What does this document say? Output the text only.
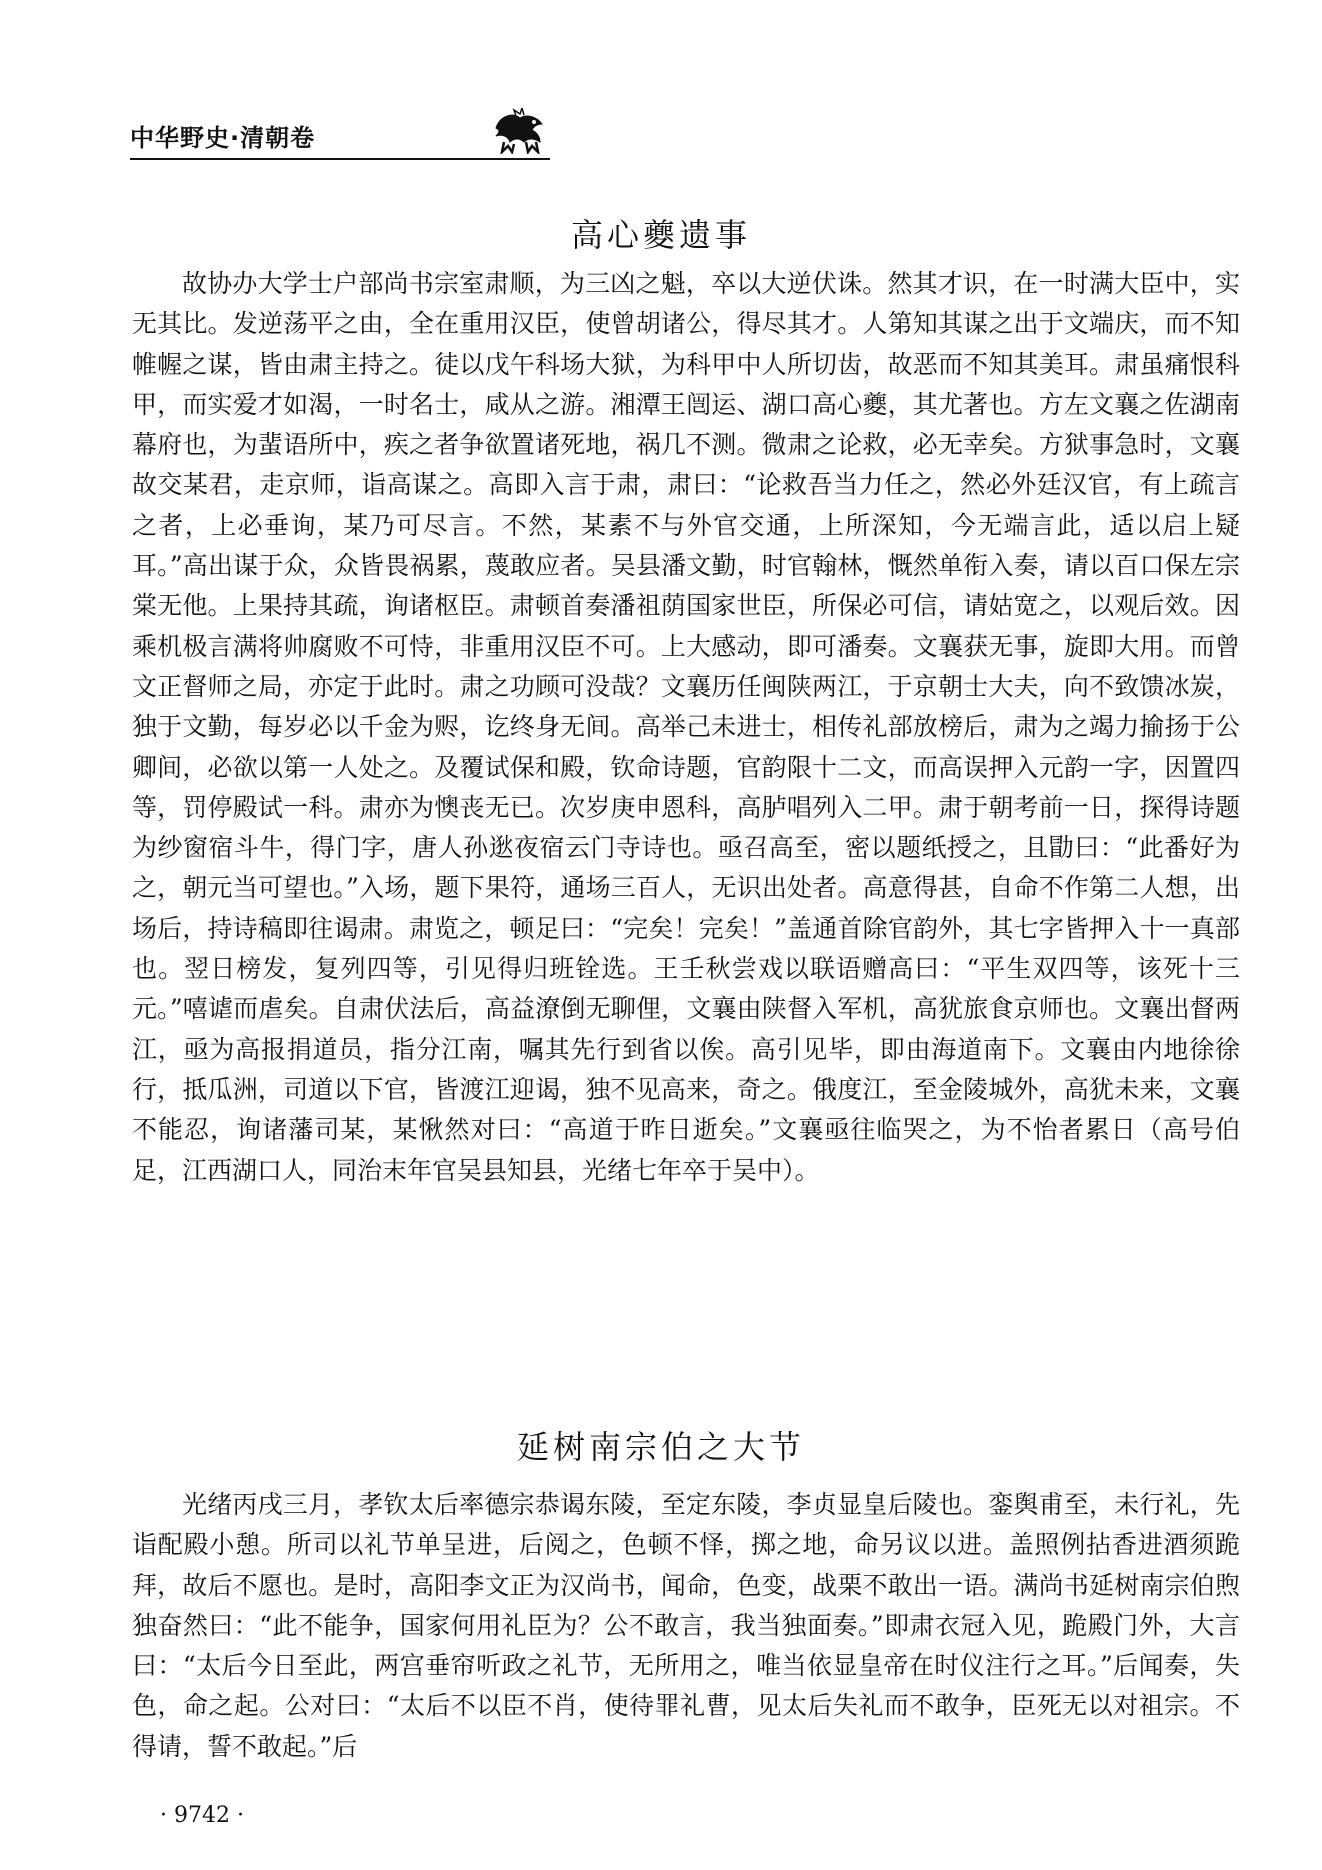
中华野史·清朝卷
高心夔遗事

故协办大学士户部尚书宗室肃顺，为三凶之魁，卒以大逆伏诛。然其才识，在一时满大臣中，实无其比。发逆荡平之由，全在重用汉臣，使曾胡诸公，得尽其才。人第知其谋之出于文端庆，而不知帷幄之谋，皆由肃主持之。徒以戊午科场大狱，为科甲中人所切齿，故恶而不知其美耳。肃虽痛恨科甲，而实爱才如渴，一时名士，咸从之游。湘潭王闿运、湖口高心夔，其尤著也。方左文襄之佐湖南幕府也，为蜚语所中，疾之者争欲置诸死地，祸几不测。微肃之论救，必无幸矣。方狱事急时，文襄故交某君，走京师，诣高谋之。高即入言于肃，肃曰：“论救吾当力任之，然必外廷汉官，有上疏言之者，上必垂询，某乃可尽言。不然，某素不与外官交通，上所深知，今无端言此，适以启上疑耳。”高出谋于众，众皆畏祸累，蔑敢应者。吴县潘文勤，时官翰林，慨然单衔入奏，请以百口保左宗棠无他。上果持其疏，询诸枢臣。肃顿首奏潘祖荫国家世臣，所保必可信，请姑宽之，以观后效。因乘机极言满将帅腐败不可恃，非重用汉臣不可。上大感动，即可潘奏。文襄获无事，旋即大用。而曾文正督师之局，亦定于此时。肃之功顾可没哉？文襄历任闽陕两江，于京朝士大夫，向不致馈冰炭，独于文勤，每岁必以千金为赆，讫终身无间。高举己未进士，相传礼部放榜后，肃为之竭力揄扬于公卿间，必欲以第一人处之。及覆试保和殿，钦命诗题，官韵限十二文，而高误押入元韵一字，因置四等，罚停殿试一科。肃亦为懊丧无已。次岁庚申恩科，高胪唱列入二甲。肃于朝考前一日，探得诗题为纱窗宿斗牛，得门字，唐人孙逖夜宿云门寺诗也。亟召高至，密以题纸授之，且勖曰：“此番好为之，朝元当可望也。”入场，题下果符，通场三百人，无识出处者。高意得甚，自命不作第二人想，出场后，持诗稿即往谒肃。肃览之，顿足曰：“完矣！完矣！”盖通首除官韵外，其七字皆押入十一真部也。翌日榜发，复列四等，引见得归班铨选。王壬秋尝戏以联语赠高曰：“平生双四等，该死十三元。”嘻谑而虐矣。自肃伏法后，高益潦倒无聊俚，文襄由陕督入军机，高犹旅食京师也。文襄出督两江，亟为高报捐道员，指分江南，嘱其先行到省以俟。高引见毕，即由海道南下。文襄由内地徐徐行，抵瓜洲，司道以下官，皆渡江迎谒，独不见高来，奇之。俄度江，至金陵城外，高犹未来，文襄不能忍，询诸藩司某，某愀然对曰：“高道于昨日逝矣。”文襄亟往临哭之，为不怡者累日（高号伯足，江西湖口人，同治末年官吴县知县，光绪七年卒于吴中）。

延树南宗伯之大节

光绪丙戌三月，孝钦太后率德宗恭谒东陵，至定东陵，李贞显皇后陵也。銮舆甫至，未行礼，先诣配殿小憩。所司以礼节单呈进，后阅之，色顿不怿，掷之地，命另议以进。盖照例拈香进酒须跪拜，故后不愿也。是时，高阳李文正为汉尚书，闻命，色变，战栗不敢出一语。满尚书延树南宗伯煦独奋然曰：“此不能争，国家何用礼臣为？公不敢言，我当独面奏。”即肃衣冠入见，跪殿门外，大言曰：“太后今日至此，两宫垂帘听政之礼节，无所用之，唯当依显皇帝在时仪注行之耳。”后闻奏，失色，命之起。公对曰：“太后不以臣不肖，使待罪礼曹，见太后失礼而不敢争，臣死无以对祖宗。不得请，誓不敢起。”后

· 9742 ·
